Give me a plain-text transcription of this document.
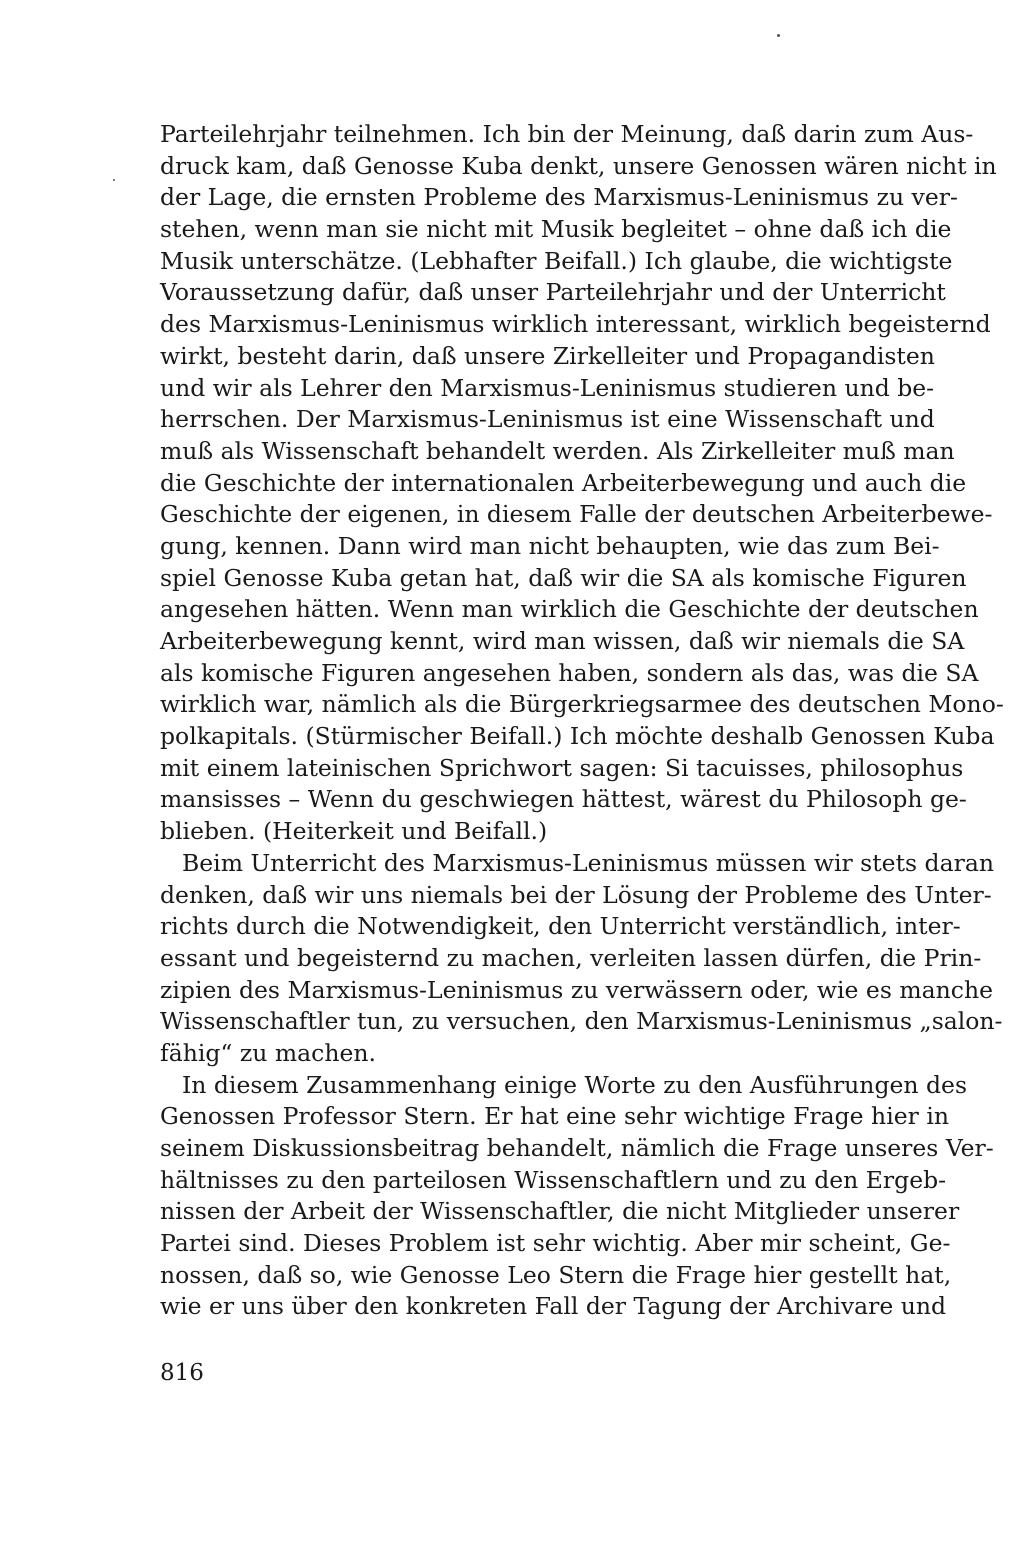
Parteilehrjahr teilnehmen. Ich bin der Meinung, daß darin zum Aus-
druck kam, daß Genosse Kuba denkt, unsere Genossen wären nicht in
der Lage, die ernsten Probleme des Marxismus-Leninismus zu ver-
stehen, wenn man sie nicht mit Musik begleitet – ohne daß ich die
Musik unterschätze. (Lebhafter Beifall.) Ich glaube, die wichtigste
Voraussetzung dafür, daß unser Parteilehrjahr und der Unterricht
des Marxismus-Leninismus wirklich interessant, wirklich begeisternd
wirkt, besteht darin, daß unsere Zirkelleiter und Propagandisten
und wir als Lehrer den Marxismus-Leninismus studieren und be-
herrschen. Der Marxismus-Leninismus ist eine Wissenschaft und
muß als Wissenschaft behandelt werden. Als Zirkelleiter muß man
die Geschichte der internationalen Arbeiterbewegung und auch die
Geschichte der eigenen, in diesem Falle der deutschen Arbeiterbewe-
gung, kennen. Dann wird man nicht behaupten, wie das zum Bei-
spiel Genosse Kuba getan hat, daß wir die SA als komische Figuren
angesehen hätten. Wenn man wirklich die Geschichte der deutschen
Arbeiterbewegung kennt, wird man wissen, daß wir niemals die SA
als komische Figuren angesehen haben, sondern als das, was die SA
wirklich war, nämlich als die Bürgerkriegsarmee des deutschen Mono-
polkapitals. (Stürmischer Beifall.) Ich möchte deshalb Genossen Kuba
mit einem lateinischen Sprichwort sagen: Si tacuisses, philosophus
mansisses – Wenn du geschwiegen hättest, wärest du Philosoph ge-
blieben. (Heiterkeit und Beifall.)
Beim Unterricht des Marxismus-Leninismus müssen wir stets daran
denken, daß wir uns niemals bei der Lösung der Probleme des Unter-
richts durch die Notwendigkeit, den Unterricht verständlich, inter-
essant und begeisternd zu machen, verleiten lassen dürfen, die Prin-
zipien des Marxismus-Leninismus zu verwässern oder, wie es manche
Wissenschaftler tun, zu versuchen, den Marxismus-Leninismus „salon-
fähig“ zu machen.
In diesem Zusammenhang einige Worte zu den Ausführungen des
Genossen Professor Stern. Er hat eine sehr wichtige Frage hier in
seinem Diskussionsbeitrag behandelt, nämlich die Frage unseres Ver-
hältnisses zu den parteilosen Wissenschaftlern und zu den Ergeb-
nissen der Arbeit der Wissenschaftler, die nicht Mitglieder unserer
Partei sind. Dieses Problem ist sehr wichtig. Aber mir scheint, Ge-
nossen, daß so, wie Genosse Leo Stern die Frage hier gestellt hat,
wie er uns über den konkreten Fall der Tagung der Archivare und
816
